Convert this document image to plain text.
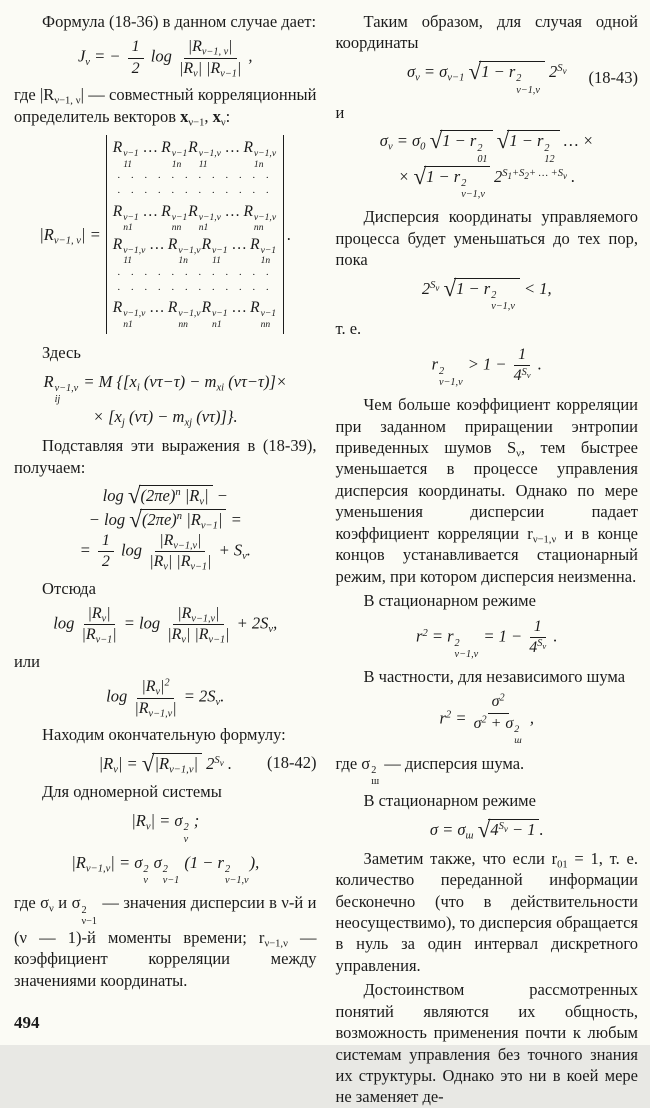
Формула (18-36) в данном случае дает:

$J_\nu$ = − $\frac{1}{2}$ $\log \frac{|R_{\nu-1, \nu}|}{|R_\nu| |R_{\nu-1}|}$ ,

где $|R_{\nu-1, \nu}|$ — совместный корреляционный определитель векторов $x_{\nu-1}$, $x_\nu$:

$|R_{\nu-1, \nu}|$ =
R ν−1
11
… R ν−1
1n
R ν−1,ν
11
… R ν−1,ν
1n
· · · · · · · · · · · ·
· · · · · · · · · · · ·
R ν−1
n1
… R ν−1
nn
R ν−1,ν
n1
… R ν−1,ν
nn
R ν−1,ν
11
… R ν−1,ν
1n
R ν−1
11
… R ν−1
1n
· · · · · · · · · · · ·
· · · · · · · · · · · ·
R ν−1,ν
n1
… R ν−1,ν
nn
R ν−1
n1
… R ν−1
nn
.

Здесь

R ν−1,ν
ij
= M {[$x_i$ $(\nu\tau-\tau) - m_{xi}$ (ντ−τ)]×
× [$x_j$ $(\nu\tau) - m_{xj}$ (ντ)]}.

Подставляя эти выражения в (18-39), получаем:

$\log √(2\pi e)^n$ $|R_\nu|$ −
− $\log √(2\pi e)^n$ $|R_{\nu-1}|$ =
= $\frac{1}{2}$ $\log \frac{|R_{\nu-1,\nu}|}{|R_\nu| |R_{\nu-1}|} + S_\nu$.

Отсюда

$\log \frac{|R_\nu|}{|R_{\nu-1}|} = \log \frac{|R_{\nu-1,\nu}|}{|R_\nu| |R_{\nu-1}|} + 2S_\nu$,

или

$\log \frac{|R_\nu|^2}{|R_{\nu-1,\nu}|} = 2S_\nu$.

Находим окончательную формулу:

$|R_\nu| = √|R_{\nu-1,\nu}|$ $2^{S_\nu}$ .	(18-42)

Для одномерной системы

$|R_\nu| = \sigma$ 2
ν
;
$|R_{\nu-1,\nu}| = \sigma$ 2
ν
σ 2
ν−1
(1 − r 2
ν−1,ν
),

где $\sigma_\nu$ и σ 2
ν−1
— значения дисперсии в ν-й и (ν — 1)-й моменты времени; $r_{\nu-1,\nu}$ — коэффициент корреляции между значениями координаты.

Таким образом, для случая одной координаты

$\sigma_\nu = \sigma_{\nu-1}$ √1 − r 2
ν−1,ν
$2^{S_\nu}$	(18-43)

и

$\sigma_\nu = \sigma_0$ √1 − r 2
01
√1 − r 2
12
… ×
× √1 − r 2
ν−1,ν
$2^{S_1+S_2+ \dots +S_\nu}$ .

Дисперсия координаты управляемого процесса будет уменьшаться до тех пор, пока

$2^{S_\nu}$ √1 − r 2
ν−1,ν
< 1,

т. е.

r 2
ν−1,ν
> $1 - \frac{1}{4^{S\nu}}$ .

Чем больше коэффициент корреляции при заданном приращении энтропии приведенных шумов $S_\nu$, тем быстрее уменьшается в процессе управления дисперсия координаты. Однако по мере уменьшения дисперсии падает коэффициент корреляции $r_{\nu-1,\nu}$ и в конце концов устанавливается стационарный режим, при котором дисперсия неизменна.

В стационарном режиме

$r^2 = r$ 2
ν−1,ν
= $1 - \frac{1}{4^{S\nu}}$ .

В частности, для независимого шума

$r^2$ =
$\sigma^2$
$\sigma^2 + \sigma$ 2
ш
,

где σ 2
ш
— дисперсия шума.

В стационарном режиме

$\sigma = \sigma_ш$ $√4^{S_\nu} - 1$ .

Заметим также, что если $r_{01} = 1$, т. е. количество переданной информации бесконечно (что в действительности неосуществимо), то дисперсия обращается в нуль за один интервал дискретного управления.

Достоинством рассмотренных понятий являются их общность, возможность применения почти к любым системам управления без точного знания их структуры. Однако это ни в коей мере не заменяет де-

494
